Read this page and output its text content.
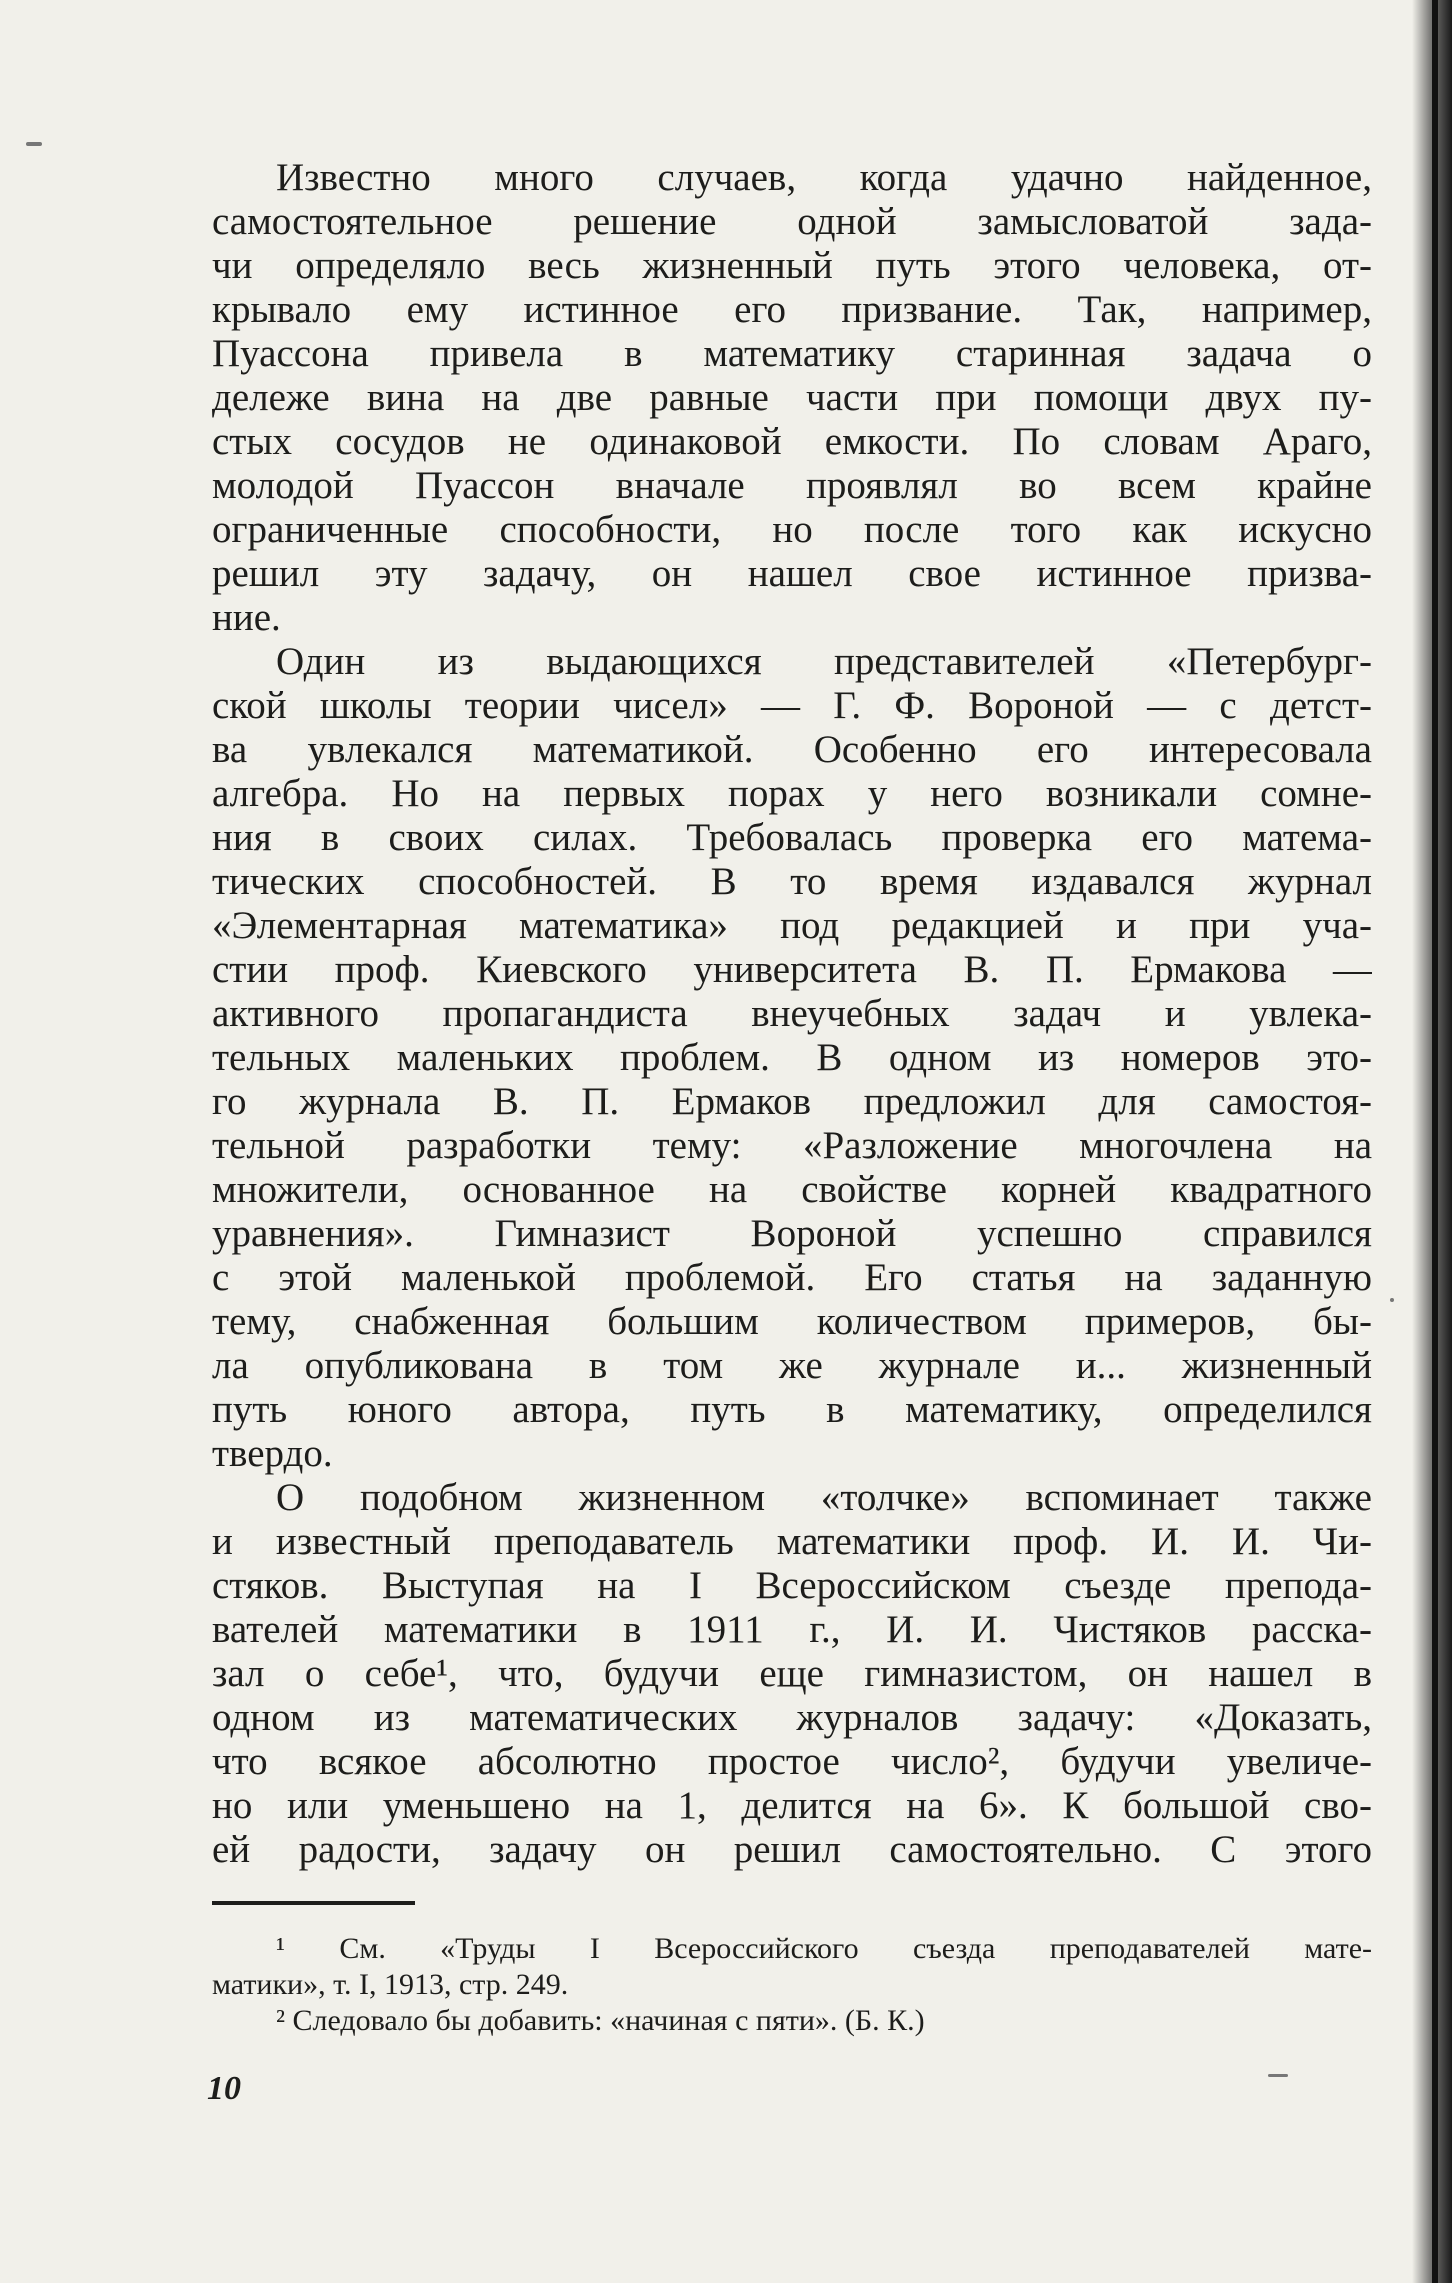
Известно много случаев, когда удачно найденное,
самостоятельное решение одной замысловатой зада-
чи определяло весь жизненный путь этого человека, от-
крывало ему истинное его призвание. Так, например,
Пуассона привела в математику старинная задача о
дележе вина на две равные части при помощи двух пу-
стых сосудов не одинаковой емкости. По словам Араго,
молодой Пуассон вначале проявлял во всем крайне
ограниченные способности, но после того как искусно
решил эту задачу, он нашел свое истинное призва-
ние.
Один из выдающихся представителей «Петербург-
ской школы теории чисел» — Г. Ф. Вороной — с детст-
ва увлекался математикой. Особенно его интересовала
алгебра. Но на первых порах у него возникали сомне-
ния в своих силах. Требовалась проверка его матема-
тических способностей. В то время издавался журнал
«Элементарная математика» под редакцией и при уча-
стии проф. Киевского университета В. П. Ермакова —
активного пропагандиста внеучебных задач и увлека-
тельных маленьких проблем. В одном из номеров это-
го журнала В. П. Ермаков предложил для самостоя-
тельной разработки тему: «Разложение многочлена на
множители, основанное на свойстве корней квадратного
уравнения». Гимназист Вороной успешно справился
с этой маленькой проблемой. Его статья на заданную
тему, снабженная большим количеством примеров, бы-
ла опубликована в том же журнале и... жизненный
путь юного автора, путь в математику, определился
твердо.
О подобном жизненном «толчке» вспоминает также
и известный преподаватель математики проф. И. И. Чи-
стяков. Выступая на I Всероссийском съезде препода-
вателей математики в 1911 г., И. И. Чистяков расска-
зал о себе¹, что, будучи еще гимназистом, он нашел в
одном из математических журналов задачу: «Доказать,
что всякое абсолютно простое число², будучи увеличе-
но или уменьшено на 1, делится на 6». К большой сво-
ей радости, задачу он решил самостоятельно. С этого
¹ См. «Труды I Всероссийского съезда преподавателей мате-
матики», т. I, 1913, стр. 249.
² Следовало бы добавить: «начиная с пяти». (Б. К.)
10
